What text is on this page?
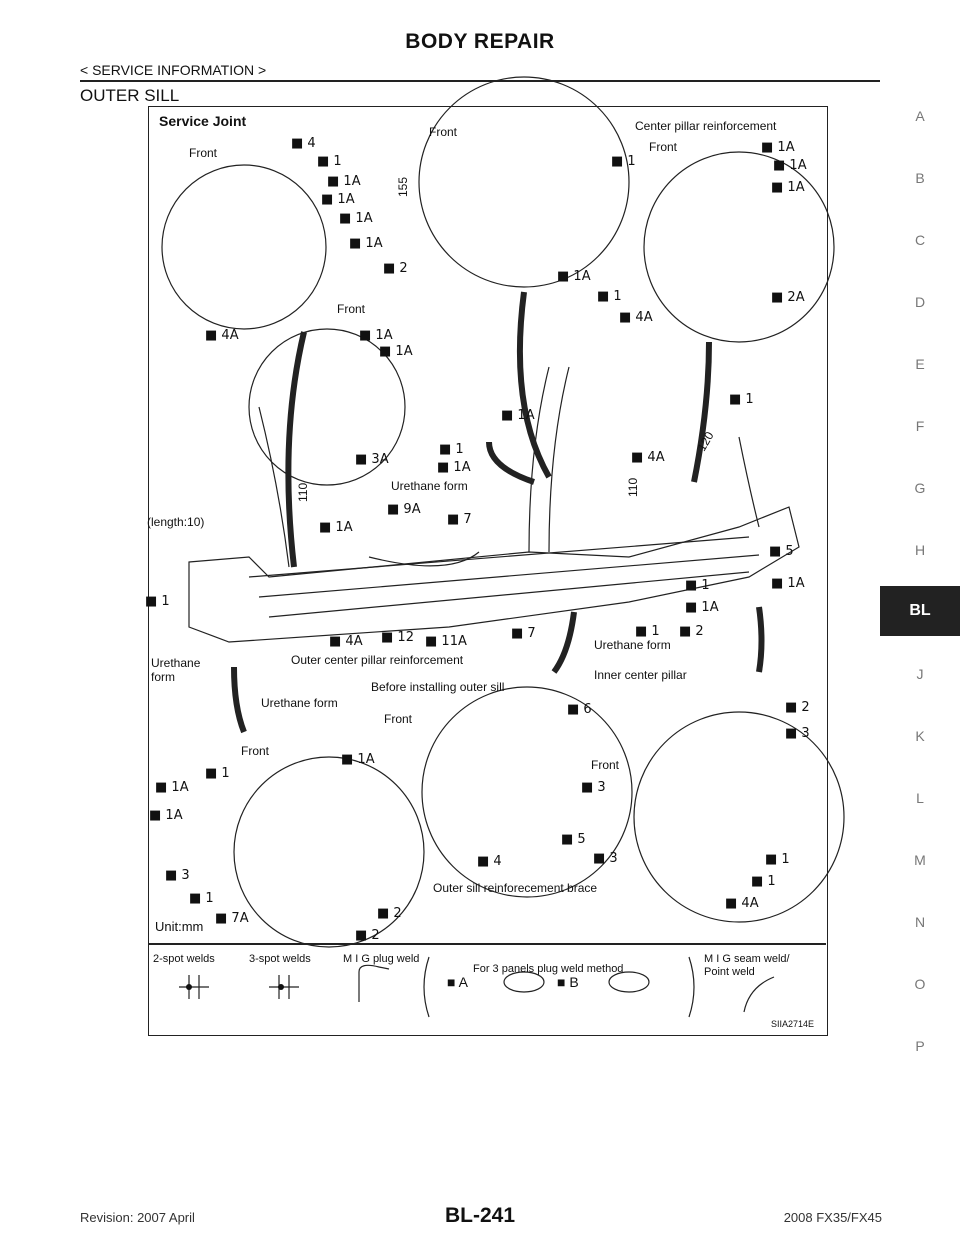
BODY REPAIR
< SERVICE INFORMATION >
OUTER SILL
A
B
C
D
E
F
G
H
BL
J
K
L
M
N
O
P
Service Joint
Front
Front
Front
Front
Front
Front
Front
Center pillar reinforcement
Urethane form
Urethane form
Urethane form
Urethane
form
Outer center pillar reinforcement
Inner center pillar
Before installing outer sill
Outer sill reinforecement brace
(length:10)
155
110	110
120
■ 4
■ 1
■ 1A
■ 1A
■ 1A
■ 1A
■ 2
■ 4A	■ 1A
■ 1A
■ 1A
■ 3A
■ 1
■ 1A
■ 1A
■ 1
■ 4A
■ 1
■ 1A
■ 1A
■ 1A
■ 2A
■ 1
■ 4A
■ 9A
■ 7
■ 1A
■ 5
■ 1	■ 1A
■ 1A
■ 1
■ 4A ■ 12 ■ 11A
■ 7	■ 1 ■ 2
■ 1A
■ 1
■ 1A
■ 1A
■ 3
■ 1
■ 7A	■ 2
■ 2
■ 6
■ 3
■ 5
■ 4	■ 3
■ 2
■ 3
■ 1
■ 1
■ 4A
Unit:mm
2-spot welds	3-spot welds	M I G plug weld
For 3 panels plug weld method
M I G seam weld/
Point weld
■ A	■ B
SIIA2714E
Revision: 2007 April	BL-241	2008 FX35/FX45
